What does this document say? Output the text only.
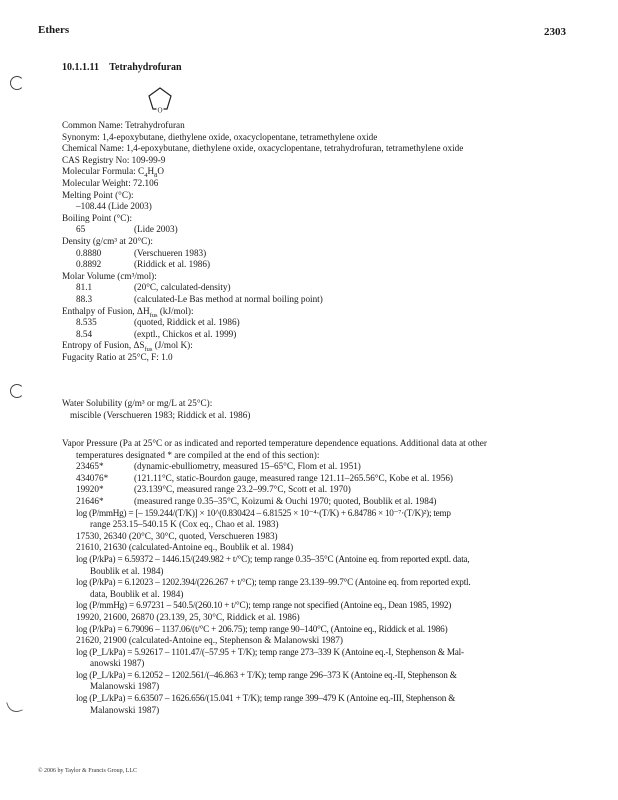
Ethers	2303
10.1.1.11 Tetrahydrofuran
O
Common Name: Tetrahydrofuran
Synonym: 1,4-epoxybutane, diethylene oxide, oxacyclopentane, tetramethylene oxide
Chemical Name: 1,4-epoxybutane, diethylene oxide, oxacyclopentane, tetrahydrofuran, tetramethylene oxide
CAS Registry No: 109-99-9
Molecular Formula: $C_4H_8O$
Molecular Weight: 72.106
Melting Point (°C):
–108.44 (Lide 2003)
Boiling Point (°C):
65	(Lide 2003)
Density (g/cm³ at 20°C):
0.8880	(Verschueren 1983)
0.8892	(Riddick et al. 1986)
Molar Volume (cm³/mol):
81.1	(20°C, calculated-density)
88.3	(calculated-Le Bas method at normal boiling point)
Enthalpy of Fusion, $\Delta H_{fus}$ (kJ/mol):
8.535	(quoted, Riddick et al. 1986)
8.54	(exptl., Chickos et al. 1999)
Entropy of Fusion, $\Delta S_{fus}$ (J/mol K):
Fugacity Ratio at 25°C, F: 1.0
Water Solubility (g/m³ or mg/L at 25°C):
miscible (Verschueren 1983; Riddick et al. 1986)
Vapor Pressure (Pa at 25°C or as indicated and reported temperature dependence equations. Additional data at other
temperatures designated * are compiled at the end of this section):
23465*	(dynamic-ebulliometry, measured 15–65°C, Flom et al. 1951)
434076*	(121.11°C, static-Bourdon gauge, measured range 121.11–265.56°C, Kobe et al. 1956)
19920*	(23.139°C, measured range 23.2–99.7°C, Scott et al. 1970)
21646*	(measured range 0.35–35°C, Koizumi & Ouchi 1970; quoted, Boublik et al. 1984)
log (P/mmHg) = [– 159.244/(T/K)] × 10^(0.830424 – 6.81525 × 10⁻⁴·(T/K) + 6.84786 × 10⁻⁷·(T/K)²); temp
range 253.15–540.15 K (Cox eq., Chao et al. 1983)
17530, 26340 (20°C, 30°C, quoted, Verschueren 1983)
21610, 21630 (calculated-Antoine eq., Boublik et al. 1984)
log (P/kPa) = 6.59372 – 1446.15/(249.982 + t/°C); temp range 0.35–35°C (Antoine eq. from reported exptl. data,
Boublik et al. 1984)
log (P/kPa) = 6.12023 – 1202.394/(226.267 + t/°C); temp range 23.139–99.7°C (Antoine eq. from reported exptl.
data, Boublik et al. 1984)
log (P/mmHg) = 6.97231 – 540.5/(260.10 + t/°C); temp range not specified (Antoine eq., Dean 1985, 1992)
19920, 21600, 26870 (23.139, 25, 30°C, Riddick et al. 1986)
log (P/kPa) = 6.79096 – 1137.06/(t/°C + 206.75); temp range 90–140°C, (Antoine eq., Riddick et al. 1986)
21620, 21900 (calculated-Antoine eq., Stephenson & Malanowski 1987)
log (P_L/kPa) = 5.92617 – 1101.47/(–57.95 + T/K); temp range 273–339 K (Antoine eq.-I, Stephenson & Mal-
anowski 1987)
log (P_L/kPa) = 6.12052 – 1202.561/(–46.863 + T/K); temp range 296–373 K (Antoine eq.-II, Stephenson &
Malanowski 1987)
log (P_L/kPa) = 6.63507 – 1626.656/(15.041 + T/K); temp range 399–479 K (Antoine eq.-III, Stephenson &
Malanowski 1987)
© 2006 by Taylor & Francis Group, LLC
